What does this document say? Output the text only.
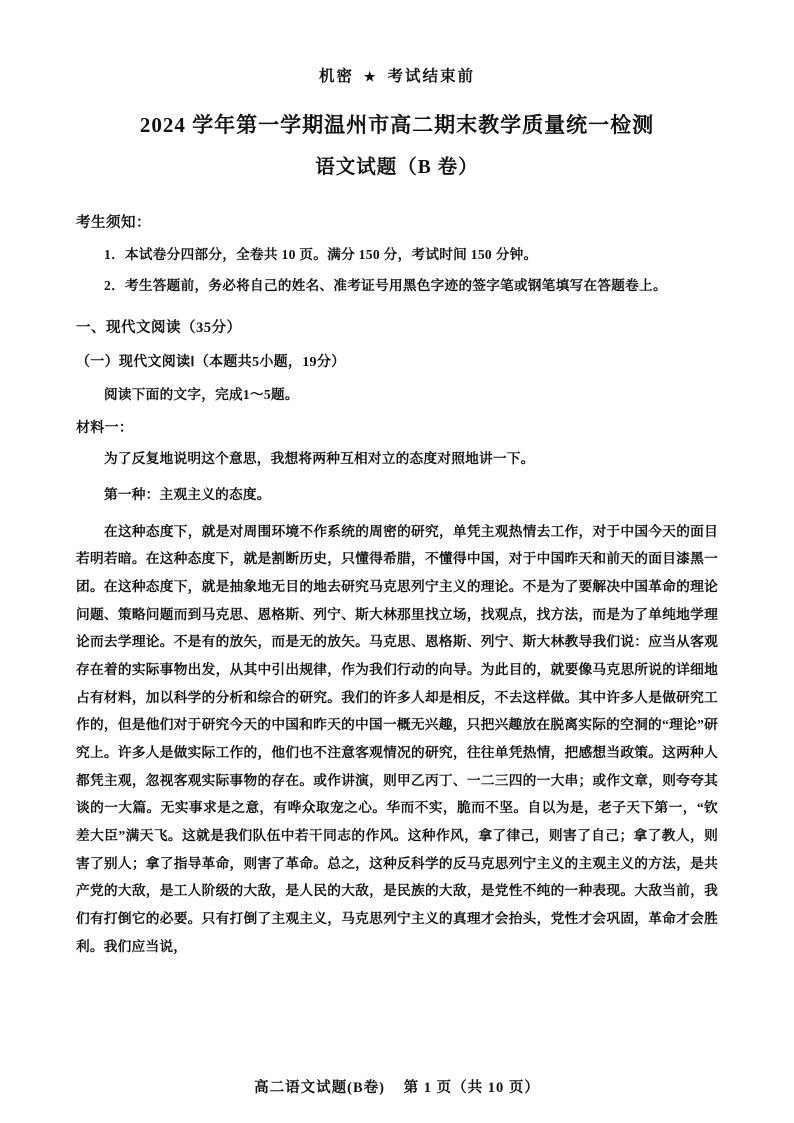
机密 ★ 考试结束前
2024 学年第一学期温州市高二期末教学质量统一检测
语文试题（B 卷）
考生须知：
1．本试卷分四部分，全卷共 10 页。满分 150 分，考试时间 150 分钟。
2．考生答题前，务必将自己的姓名、准考证号用黑色字迹的签字笔或钢笔填写在答题卷上。
一、现代文阅读（35分）
（一）现代文阅读Ⅰ（本题共5小题，19分）
阅读下面的文字，完成1～5题。
材料一：
为了反复地说明这个意思，我想将两种互相对立的态度对照地讲一下。
第一种：主观主义的态度。
在这种态度下，就是对周围环境不作系统的周密的研究，单凭主观热情去工作，对于中国今天的面目若明若暗。在这种态度下，就是割断历史，只懂得希腊，不懂得中国，对于中国昨天和前天的面目漆黑一团。在这种态度下，就是抽象地无目的地去研究马克思列宁主义的理论。不是为了要解决中国革命的理论问题、策略问题而到马克思、恩格斯、列宁、斯大林那里找立场，找观点，找方法，而是为了单纯地学理论而去学理论。不是有的放矢，而是无的放矢。马克思、恩格斯、列宁、斯大林教导我们说：应当从客观存在着的实际事物出发，从其中引出规律，作为我们行动的向导。为此目的，就要像马克思所说的详细地占有材料，加以科学的分析和综合的研究。我们的许多人却是相反，不去这样做。其中许多人是做研究工作的，但是他们对于研究今天的中国和昨天的中国一概无兴趣，只把兴趣放在脱离实际的空洞的“理论”研究上。许多人是做实际工作的，他们也不注意客观情况的研究，往往单凭热情，把感想当政策。这两种人都凭主观，忽视客观实际事物的存在。或作讲演，则甲乙丙丁、一二三四的一大串；或作文章，则夸夸其谈的一大篇。无实事求是之意，有哗众取宠之心。华而不实，脆而不坚。自以为是，老子天下第一，“钦差大臣”满天飞。这就是我们队伍中若干同志的作风。这种作风，拿了律己，则害了自己；拿了教人，则害了别人；拿了指导革命，则害了革命。总之，这种反科学的反马克思列宁主义的主观主义的方法，是共产党的大敌，是工人阶级的大敌，是人民的大敌，是民族的大敌，是党性不纯的一种表现。大敌当前，我们有打倒它的必要。只有打倒了主观主义，马克思列宁主义的真理才会抬头，党性才会巩固，革命才会胜利。我们应当说，
高二语文试题(B卷) 第 1 页（共 10 页）
